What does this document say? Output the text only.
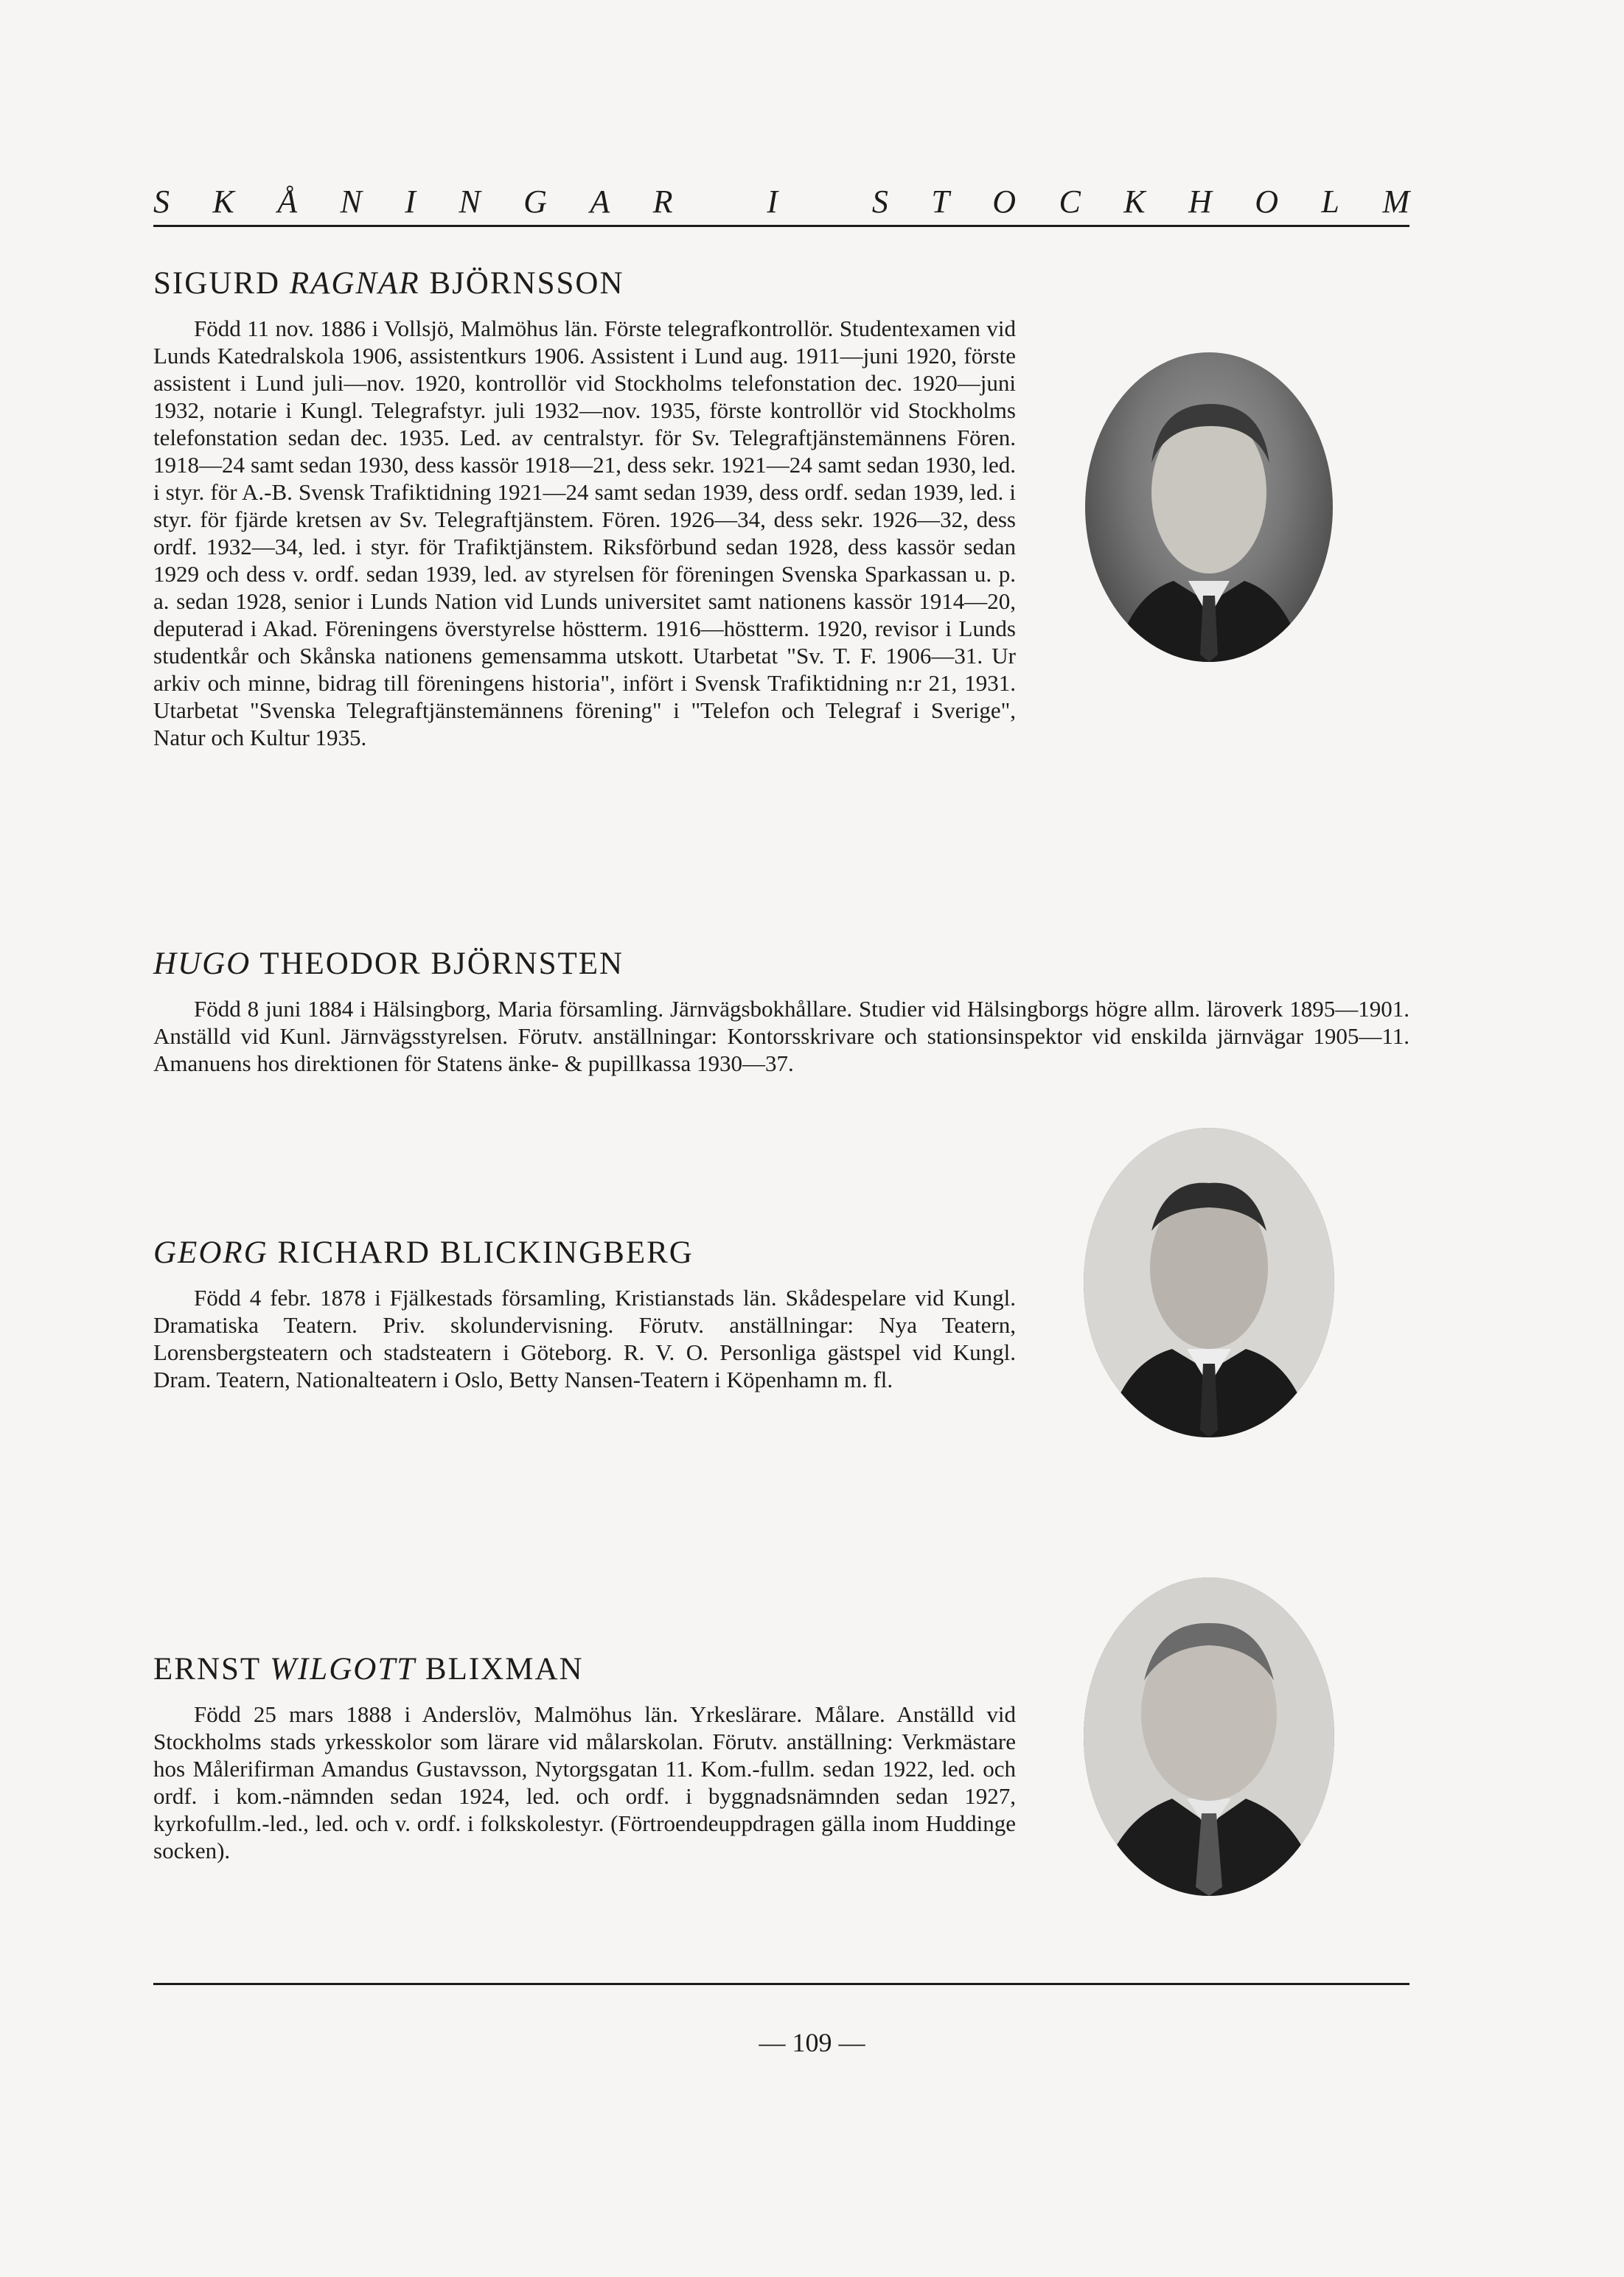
S K Å N I N G A R
	I
	S T O C K H O L M
SIGURD RAGNAR BJÖRNSSON

Född 11 nov. 1886 i Vollsjö, Malmöhus län. Förste telegrafkontrollör. Studentexamen vid Lunds Katedralskola 1906, assistentkurs 1906. Assistent i Lund aug. 1911—juni 1920, förste assistent i Lund juli—nov. 1920, kontrollör vid Stockholms telefonstation dec. 1920—juni 1932, notarie i Kungl. Telegrafstyr. juli 1932—nov. 1935, förste kontrollör vid Stockholms telefonstation sedan dec. 1935. Led. av centralstyr. för Sv. Telegraftjänstemännens Fören. 1918—24 samt sedan 1930, dess kassör 1918—21, dess sekr. 1921—24 samt sedan 1930, led. i styr. för A.-B. Svensk Trafiktidning 1921—24 samt sedan 1939, dess ordf. sedan 1939, led. i styr. för fjärde kretsen av Sv. Telegraftjänstem. Fören. 1926—34, dess sekr. 1926—32, dess ordf. 1932—34, led. i styr. för Trafiktjänstem. Riksförbund sedan 1928, dess kassör sedan 1929 och dess v. ordf. sedan 1939, led. av styrelsen för föreningen Svenska Sparkassan u. p. a. sedan 1928, senior i Lunds Nation vid Lunds universitet samt nationens kassör 1914—20, deputerad i Akad. Föreningens överstyrelse höstterm. 1916—höstterm. 1920, revisor i Lunds studentkår och Skånska nationens gemensamma utskott. Utarbetat "Sv. T. F. 1906—31. Ur arkiv och minne, bidrag till föreningens historia", infört i Svensk Trafiktidning n:r 21, 1931. Utarbetat "Svenska Telegraftjänstemännens förening" i "Telefon och Telegraf i Sverige", Natur och Kultur 1935.

HUGO THEODOR BJÖRNSTEN

Född 8 juni 1884 i Hälsingborg, Maria församling. Järnvägsbokhållare. Studier vid Hälsingborgs högre allm. läroverk 1895—1901. Anställd vid Kunl. Järnvägsstyrelsen. Förutv. anställningar: Kontorsskrivare och stationsinspektor vid enskilda järnvägar 1905—11. Amanuens hos direktionen för Statens änke- & pupillkassa 1930—37.

GEORG RICHARD BLICKINGBERG

Född 4 febr. 1878 i Fjälkestads församling, Kristianstads län. Skådespelare vid Kungl. Dramatiska Teatern. Priv. skolundervisning. Förutv. anställningar: Nya Teatern, Lorensbergsteatern och stadsteatern i Göteborg. R. V. O. Personliga gästspel vid Kungl. Dram. Teatern, Nationalteatern i Oslo, Betty Nansen-Teatern i Köpenhamn m. fl.

ERNST WILGOTT BLIXMAN

Född 25 mars 1888 i Anderslöv, Malmöhus län. Yrkeslärare. Målare. Anställd vid Stockholms stads yrkesskolor som lärare vid målarskolan. Förutv. anställning: Verkmästare hos Målerifirman Amandus Gustavsson, Nytorgsgatan 11. Kom.-fullm. sedan 1922, led. och ordf. i kom.-nämnden sedan 1924, led. och ordf. i byggnadsnämnden sedan 1927, kyrkofullm.-led., led. och v. ordf. i folkskolestyr. (Förtroendeuppdragen gälla inom Huddinge socken).

— 109 —
